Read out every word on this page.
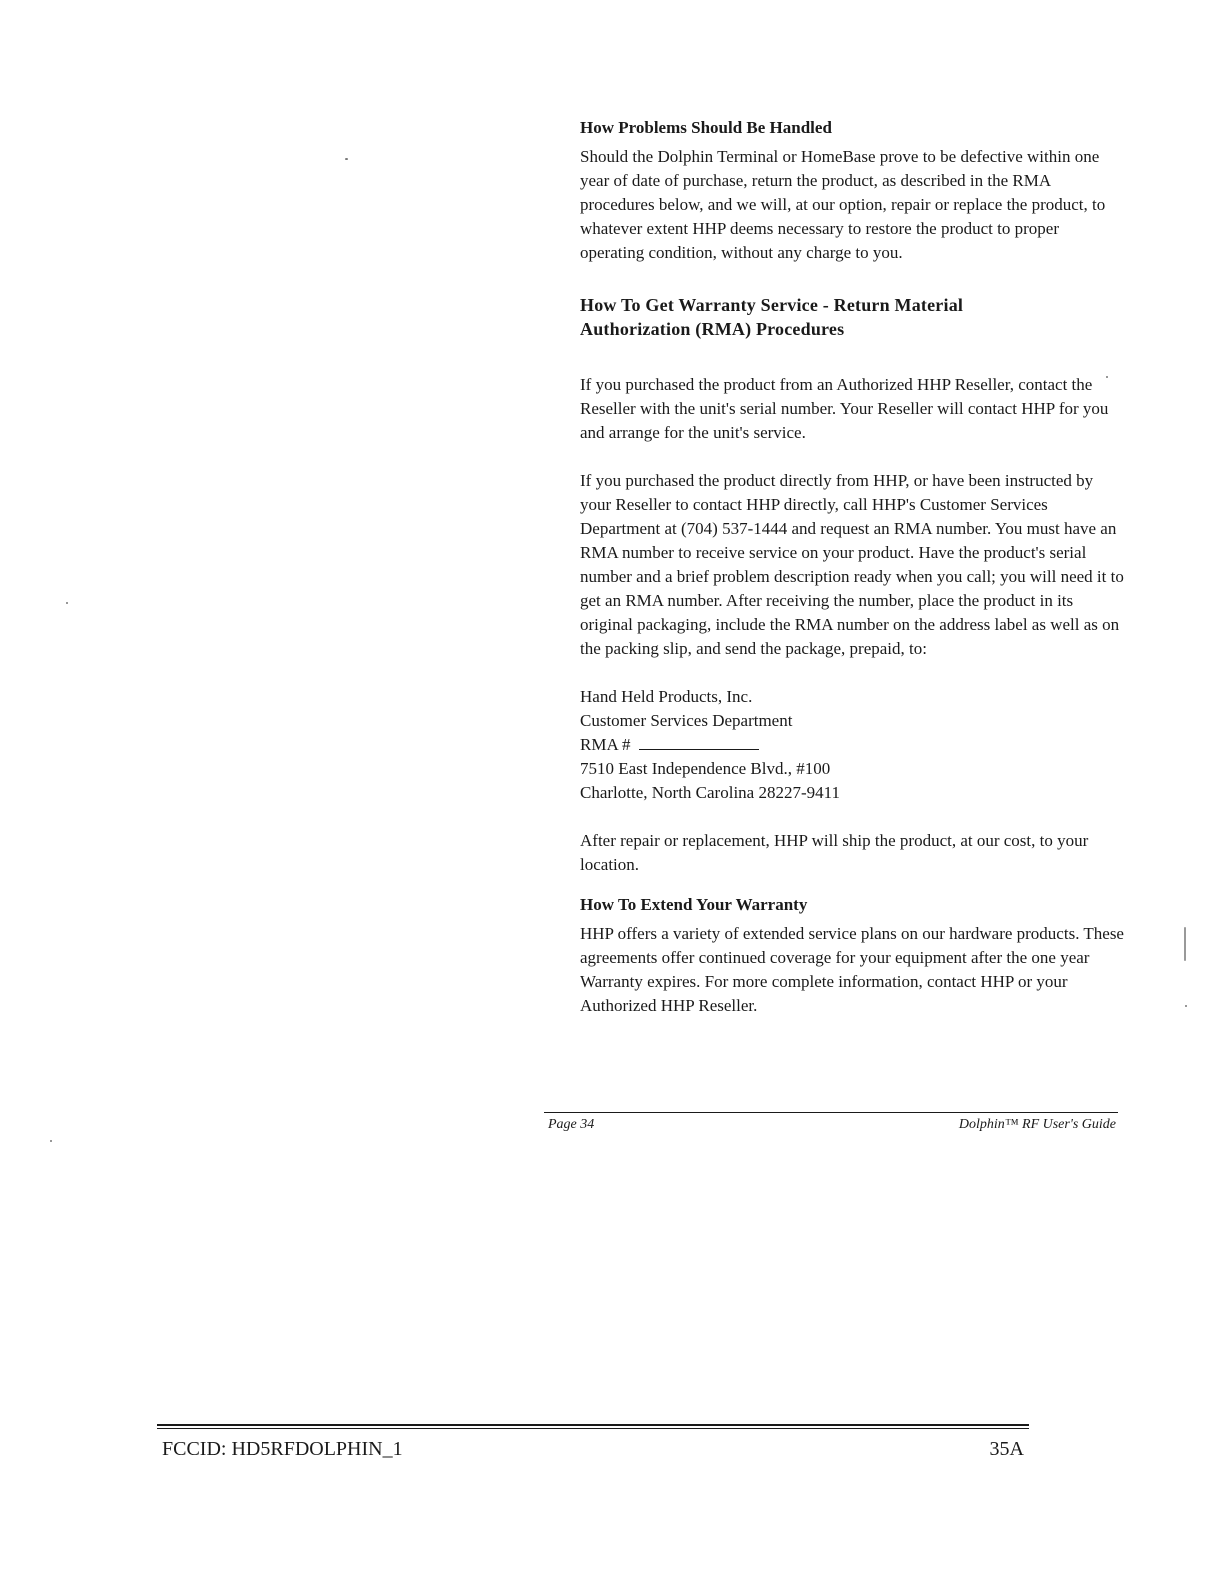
How Problems Should Be Handled

Should the Dolphin Terminal or HomeBase prove to be defective within one year of date of purchase, return the product, as described in the RMA procedures below, and we will, at our option, repair or replace the product, to whatever extent HHP deems necessary to restore the product to proper operating condition, without any charge to you.

How To Get Warranty Service - Return Material
Authorization (RMA) Procedures

If you purchased the product from an Authorized HHP Reseller, contact the Reseller with the unit's serial number. Your Reseller will contact HHP for you and arrange for the unit's service.

If you purchased the product directly from HHP, or have been instructed by your Reseller to contact HHP directly, call HHP's Customer Services Department at (704) 537-1444 and request an RMA number. You must have an RMA number to receive service on your product. Have the product's serial number and a brief problem description ready when you call; you will need it to get an RMA number. After receiving the number, place the product in its original packaging, include the RMA number on the address label as well as on the packing slip, and send the package, prepaid, to:

Hand Held Products, Inc.

Customer Services Department

RMA #

7510 East Independence Blvd., #100

Charlotte, North Carolina 28227-9411

After repair or replacement, HHP will ship the product, at our cost, to your location.

How To Extend Your Warranty

HHP offers a variety of extended service plans on our hardware products. These agreements offer continued coverage for your equipment after the one year Warranty expires. For more complete information, contact HHP or your Authorized HHP Reseller.

Page 34	Dolphin™ RF User's Guide
FCCID: HD5RFDOLPHIN_1	35A
